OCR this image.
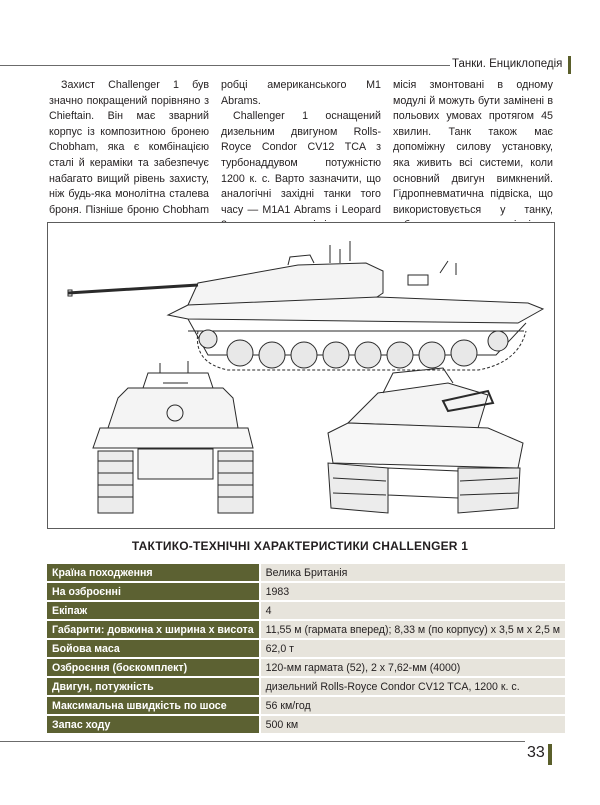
Танки. Енциклопедія

Захист Challenger 1 був значно покращений порівняно з Chieftain. Він має зварний корпус із композитною бронею Chobham, яка є комбінацією сталі й кераміки та забезпечує набагато вищий рівень захисту, ніж будь-яка монолітна сталева броня. Пізніше броню Chobham

робці американського M1 Abrams.

Challenger 1 оснащений дизельним двигуном Rolls-Royce Condor CV12 TCA з турбонаддувом потужністю 1200 к. с. Варто зазначити, що аналогічні західні танки того часу — M1A1 Abrams і Leopard

місія змонтовані в одному модулі й можуть бути замінені в польових умовах протягом 45 хвилин. Танк також має допоміжну силову установку, яка живить всі системи, коли основний двигун вимкнений. Гідропневматична підвіска, що використовується у танку,

ТАКТИКО-ТЕХНІЧНІ ХАРАКТЕРИСТИКИ CHALLENGER 1
Країна походження	Велика Британія
На озброєнні	1983
Екіпаж	4
Габарити: довжина х ширина х висота	11,55 м (гармата вперед); 8,33 м (по корпусу) х 3,5 м х 2,5 м
Бойова маса	62,0 т
Озброєння (боєкомплект)	120-мм гармата (52), 2 х 7,62-мм (4000)
Двигун, потужність	дизельний Rolls-Royce Condor CV12 TCA, 1200 к. с.
Максимальна швидкість по шосе	56 км/год
Запас ходу	500 км
33
